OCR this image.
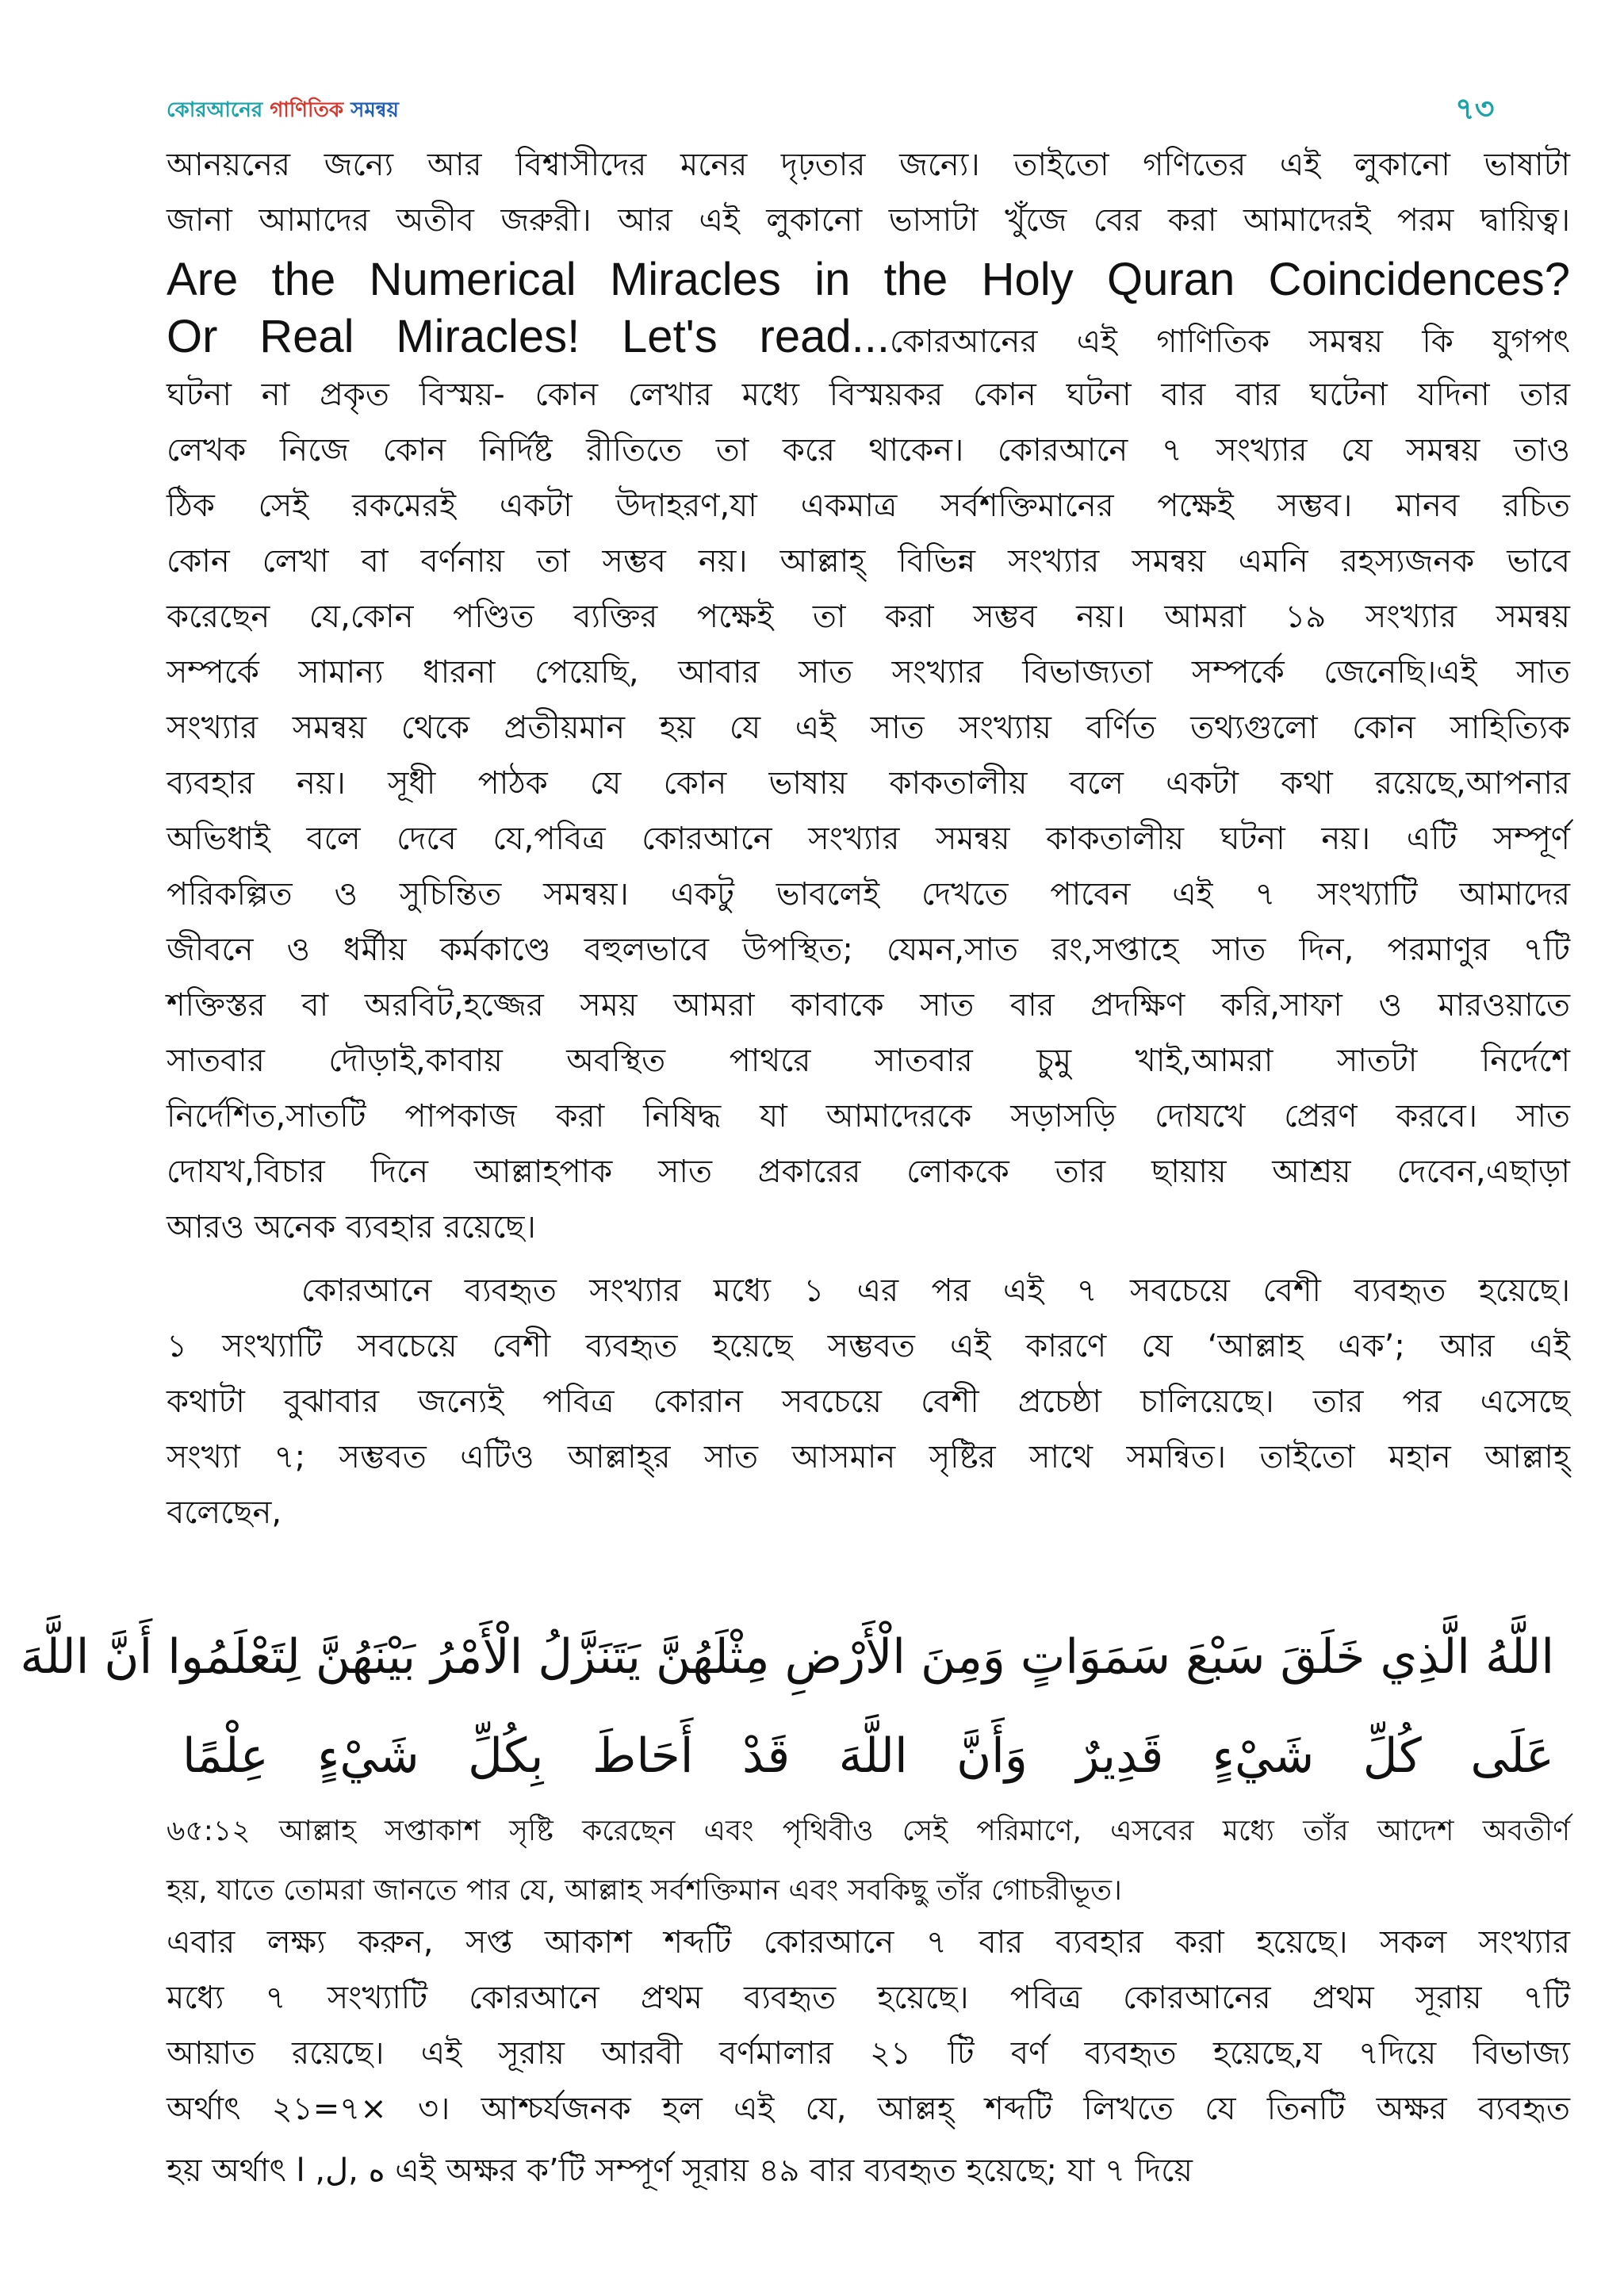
কোরআনের গাণিতিক সমন্বয়	৭৩
আনয়নের জন্যে আর বিশ্বাসীদের মনের দৃঢ়তার জন্যে। তাইতো গণিতের এই লুকানো ভাষাটা
জানা আমাদের অতীব জরুরী। আর এই লুকানো ভাসাটা খুঁজে বের করা আমাদেরই পরম দ্বায়িত্ব।
Are the Numerical Miracles in the Holy Quran Coincidences?
Or Real Miracles! Let's read...কোরআনের এই গাণিতিক সমন্বয় কি যুগপৎ
ঘটনা না প্রকৃত বিস্ময়- কোন লেখার মধ্যে বিস্ময়কর কোন ঘটনা বার বার ঘটেনা যদিনা তার
লেখক নিজে কোন নির্দিষ্ট রীতিতে তা করে থাকেন। কোরআনে ৭ সংখ্যার যে সমন্বয় তাও
ঠিক সেই রকমেরই একটা উদাহরণ,যা একমাত্র সর্বশক্তিমানের পক্ষেই সম্ভব। মানব রচিত
কোন লেখা বা বর্ণনায় তা সম্ভব নয়। আল্লাহ্ বিভিন্ন সংখ্যার সমন্বয় এমনি রহস্যজনক ভাবে
করেছেন যে,কোন পণ্ডিত ব্যক্তির পক্ষেই তা করা সম্ভব নয়। আমরা ১৯ সংখ্যার সমন্বয়
সম্পর্কে সামান্য ধারনা পেয়েছি, আবার সাত সংখ্যার বিভাজ্যতা সম্পর্কে জেনেছি।এই সাত
সংখ্যার সমন্বয় থেকে প্রতীয়মান হয় যে এই সাত সংখ্যায় বর্ণিত তথ্যগুলো কোন সাহিত্যিক
ব্যবহার নয়। সূধী পাঠক যে কোন ভাষায় কাকতালীয় বলে একটা কথা রয়েছে,আপনার
অভিধাই বলে দেবে যে,পবিত্র কোরআনে সংখ্যার সমন্বয় কাকতালীয় ঘটনা নয়। এটি সম্পূর্ণ
পরিকল্পিত ও সুচিন্তিত সমন্বয়। একটু ভাবলেই দেখতে পাবেন এই ৭ সংখ্যাটি আমাদের
জীবনে ও ধর্মীয় কর্মকাণ্ডে বহুলভাবে উপস্থিত; যেমন,সাত রং,সপ্তাহে সাত দিন, পরমাণুর ৭টি
শক্তিস্তর বা অরবিট,হজ্জের সময় আমরা কাবাকে সাত বার প্রদক্ষিণ করি,সাফা ও মারওয়াতে
সাতবার দৌড়াই,কাবায় অবস্থিত পাথরে সাতবার চুমু খাই,আমরা সাতটা নির্দেশে
নির্দেশিত,সাতটি পাপকাজ করা নিষিদ্ধ যা আমাদেরকে সড়াসড়ি দোযখে প্রেরণ করবে। সাত
দোযখ,বিচার দিনে আল্লাহপাক সাত প্রকারের লোককে তার ছায়ায় আশ্রয় দেবেন,এছাড়া
আরও অনেক ব্যবহার রয়েছে।
কোরআনে ব্যবহৃত সংখ্যার মধ্যে ১ এর পর এই ৭ সবচেয়ে বেশী ব্যবহৃত হয়েছে।
১ সংখ্যাটি সবচেয়ে বেশী ব্যবহৃত হয়েছে সম্ভবত এই কারণে যে ‘আল্লাহ এক’; আর এই
কথাটা বুঝাবার জন্যেই পবিত্র কোরান সবচেয়ে বেশী প্রচেষ্ঠা চালিয়েছে। তার পর এসেছে
সংখ্যা ৭; সম্ভবত এটিও আল্লাহ্‌র সাত আসমান সৃষ্টির সাথে সমন্বিত। তাইতো মহান আল্লাহ্
বলেছেন,
اللَّهُ الَّذِي خَلَقَ سَبْعَ سَمَوَاتٍ وَمِنَ الْأَرْضِ مِثْلَهُنَّ يَتَنَزَّلُ الْأَمْرُ بَيْنَهُنَّ لِتَعْلَمُوا أَنَّ اللَّهَ
عَلَى كُلِّ شَيْءٍ قَدِيرٌ وَأَنَّ اللَّهَ قَدْ أَحَاطَ بِكُلِّ شَيْءٍ عِلْمًا
৬৫:১২ আল্লাহ সপ্তাকাশ সৃষ্টি করেছেন এবং পৃথিবীও সেই পরিমাণে, এসবের মধ্যে তাঁর আদেশ অবতীর্ণ
হয়, যাতে তোমরা জানতে পার যে, আল্লাহ সর্বশক্তিমান এবং সবকিছু তাঁর গোচরীভূত।
এবার লক্ষ্য করুন, সপ্ত আকাশ শব্দটি কোরআনে ৭ বার ব্যবহার করা হয়েছে। সকল সংখ্যার
মধ্যে ৭ সংখ্যাটি কোরআনে প্রথম ব্যবহৃত হয়েছে। পবিত্র কোরআনের প্রথম সূরায় ৭টি
আয়াত রয়েছে। এই সূরায় আরবী বর্ণমালার ২১ টি বর্ণ ব্যবহৃত হয়েছে,য ৭দিয়ে বিভাজ্য
অর্থাৎ ২১=৭× ৩। আশ্চর্যজনক হল এই যে, আল্লহ্ শব্দটি লিখতে যে তিনটি অক্ষর ব্যবহৃত
হয় অর্থাৎ ه ,ل, ا এই অক্ষর ক’টি সম্পূর্ণ সূরায় ৪৯ বার ব্যবহৃত হয়েছে; যা ৭ দিয়ে
